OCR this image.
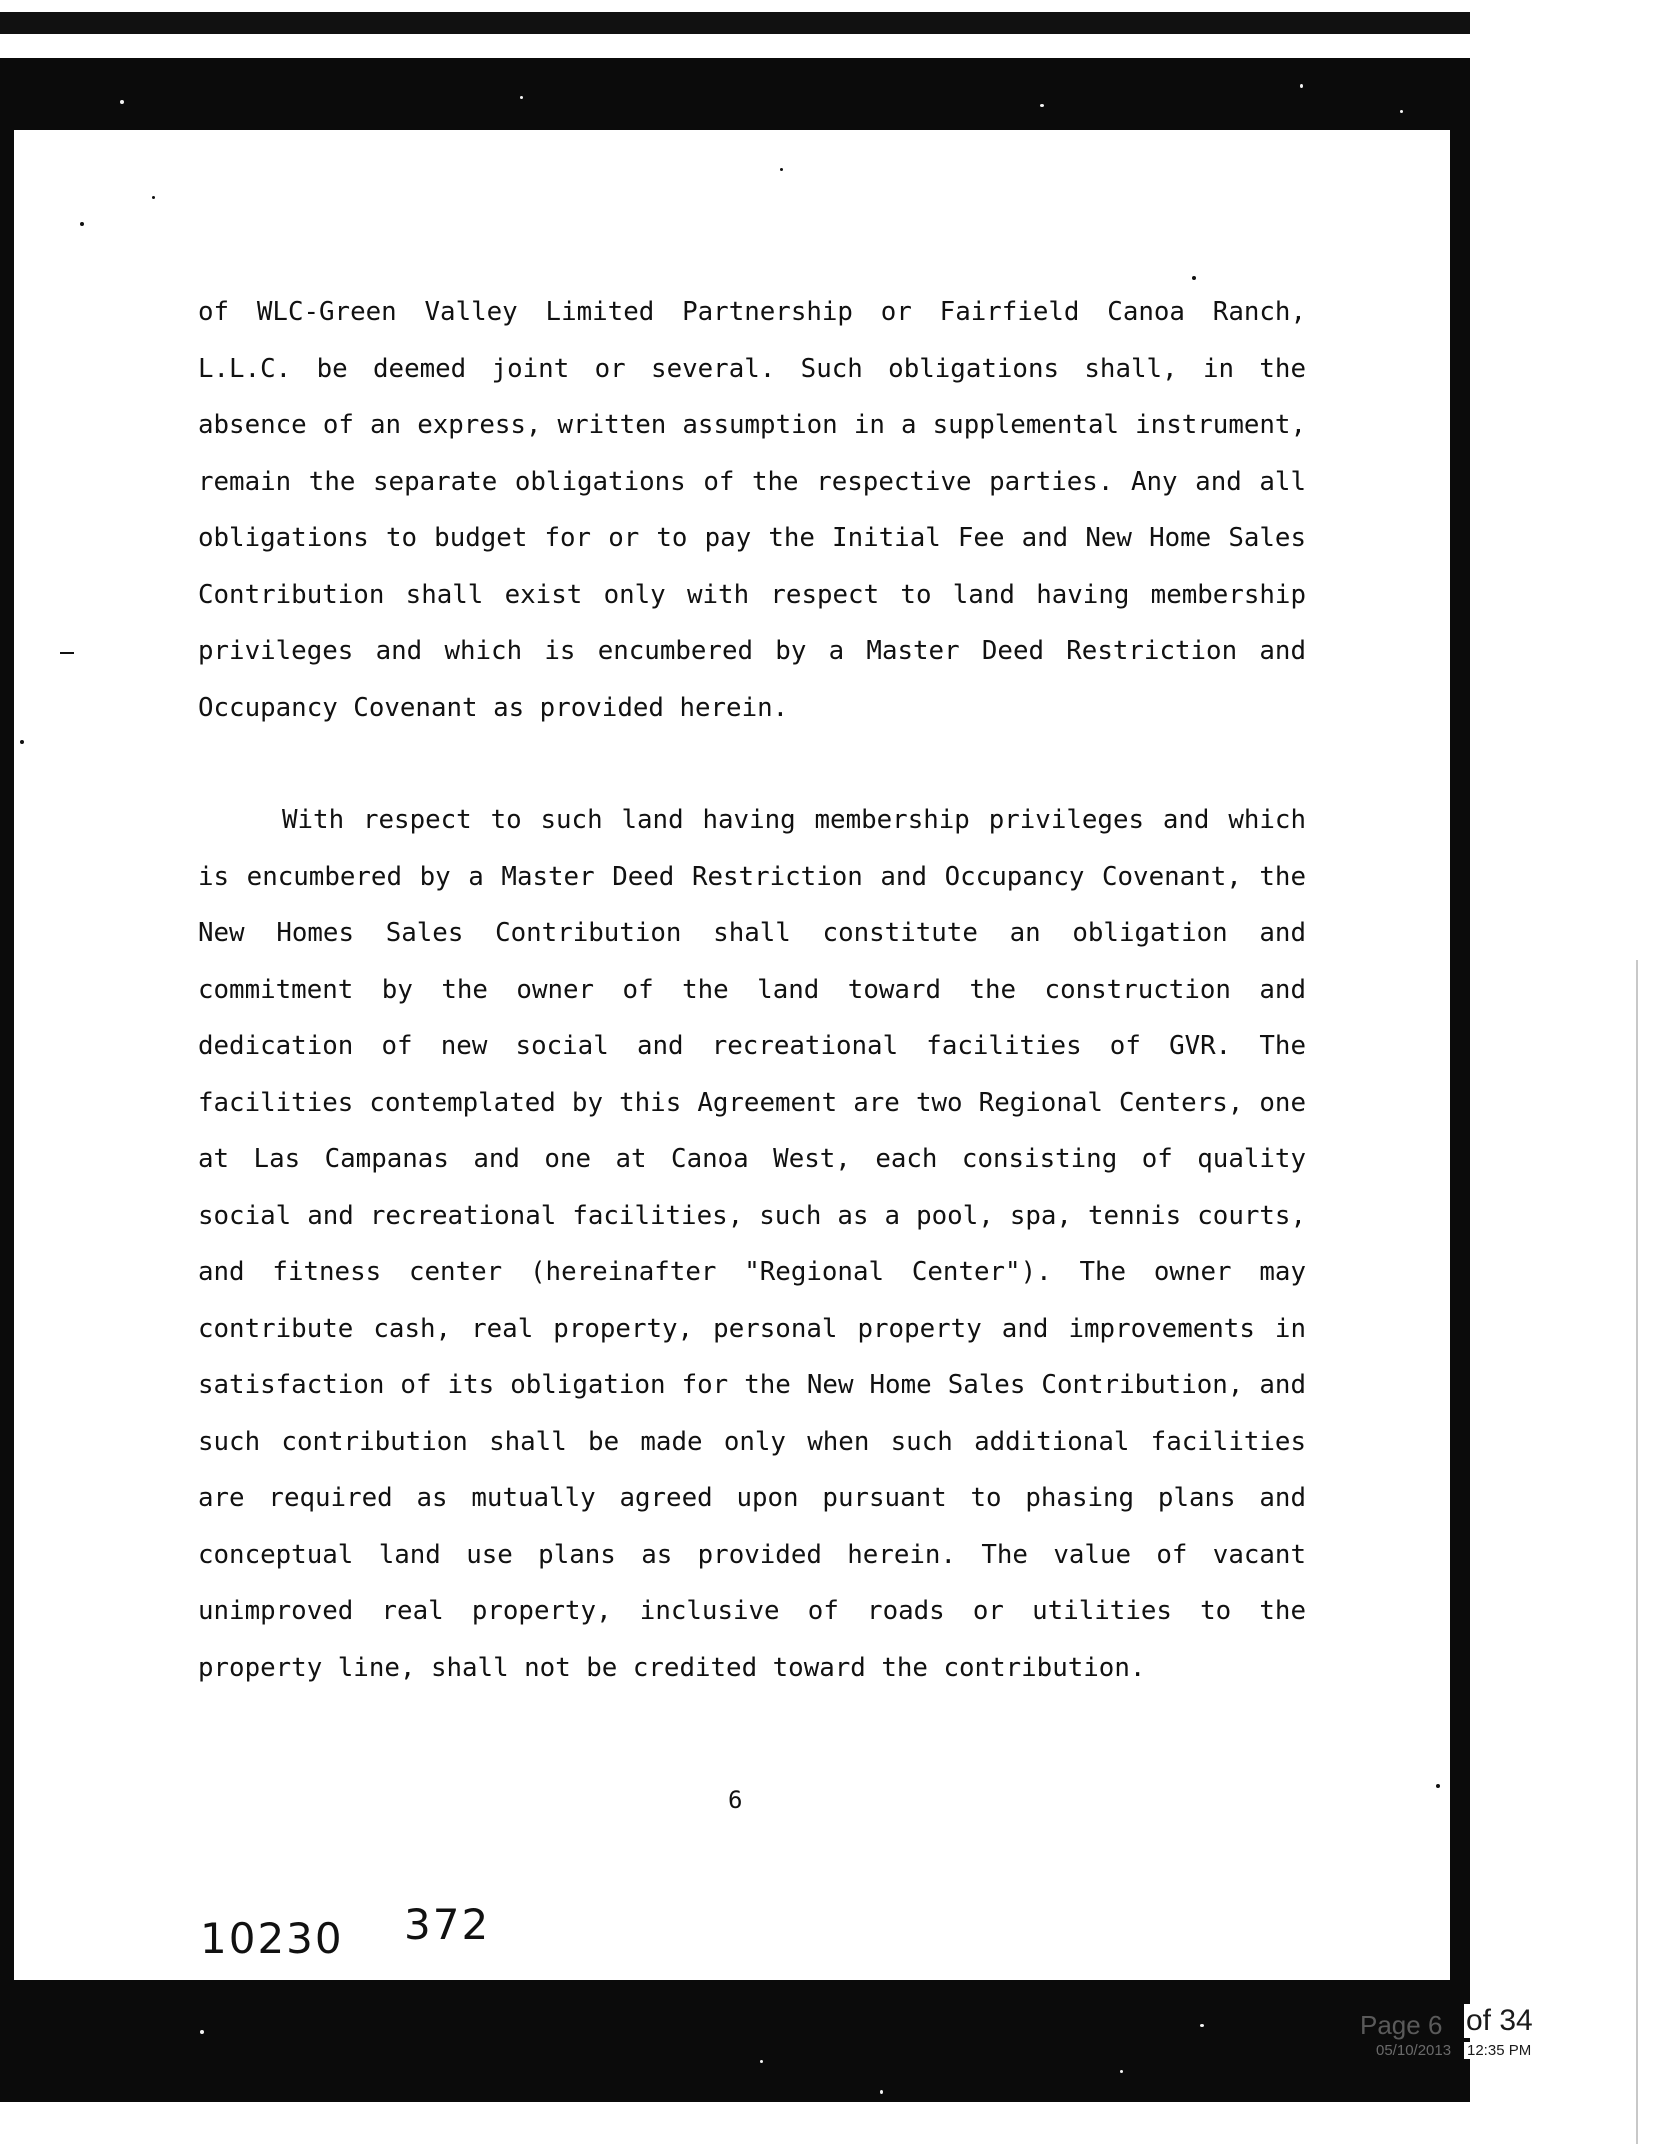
of WLC-Green Valley Limited Partnership or Fairfield Canoa Ranch, L.L.C. be deemed joint or several. Such obligations shall, in the absence of an express, written assumption in a supplemental instrument, remain the separate obligations of the respective parties. Any and all obligations to budget for or to pay the Initial Fee and New Home Sales Contribution shall exist only with respect to land having membership privileges and which is encumbered by a Master Deed Restriction and Occupancy Covenant as provided herein.

With respect to such land having membership privileges and which is encumbered by a Master Deed Restriction and Occupancy Covenant, the New Homes Sales Contribution shall constitute an obligation and commitment by the owner of the land toward the construction and dedication of new social and recreational facilities of GVR. The facilities contemplated by this Agreement are two Regional Centers, one at Las Campanas and one at Canoa West, each consisting of quality social and recreational facilities, such as a pool, spa, tennis courts, and fitness center (hereinafter "Regional Center"). The owner may contribute cash, real property, personal property and improvements in satisfaction of its obligation for the New Home Sales Contribution, and such contribution shall be made only when such additional facilities are required as mutually agreed upon pursuant to phasing plans and conceptual land use plans as provided herein. The value of vacant unimproved real property, inclusive of roads or utilities to the property line, shall not be credited toward the contribution.

6
10230 372
Page 6 of 34
05/10/2013 12:35 PM
